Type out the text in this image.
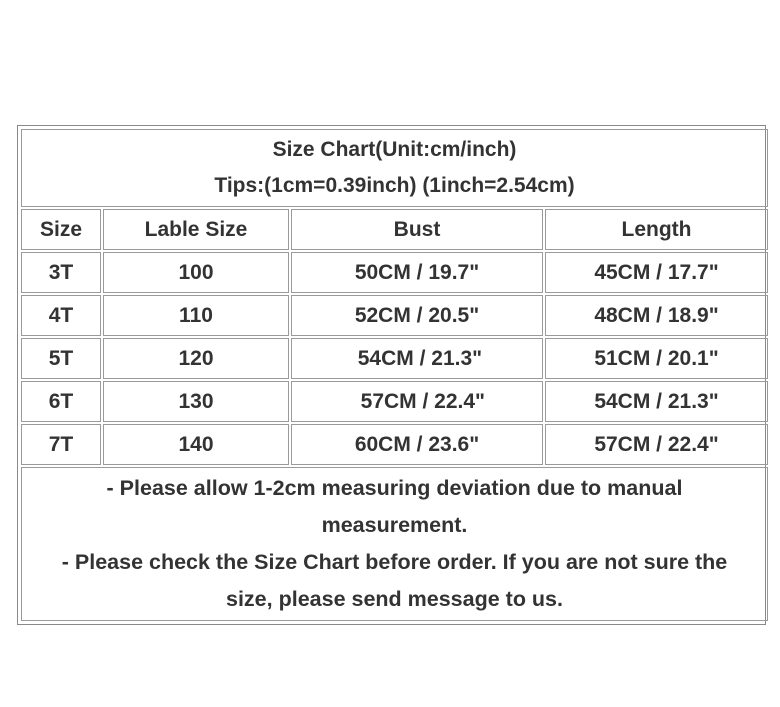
Size Chart(Unit:cm/inch)
Tips:(1cm=0.39inch) (1inch=2.54cm)			

Size	Lable Size	Bust	Length
3T	100	50CM / 19.7"	45CM / 17.7"
4T	110	52CM / 20.5"	48CM / 18.9"
5T	120	54CM / 21.3"	51CM / 20.1"
6T	130	57CM / 22.4"	54CM / 21.3"
7T	140	60CM / 23.6"	57CM / 22.4"

- Please allow 1-2cm measuring deviation due to manual
measurement.
- Please check the Size Chart before order. If you are not sure the
size, please send message to us.			
